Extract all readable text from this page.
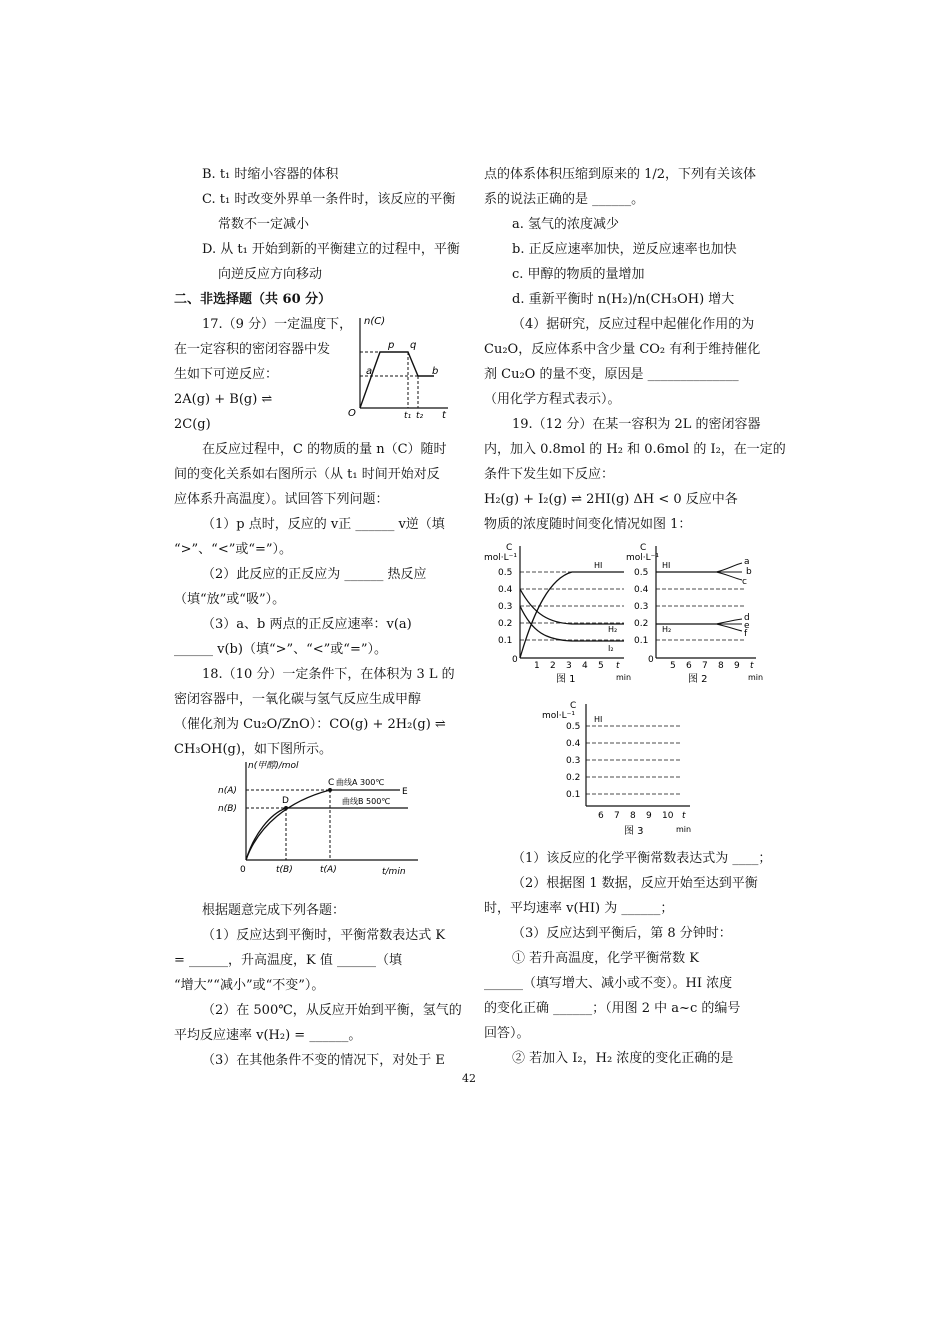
B. t₁ 时缩小容器的体积

C. t₁ 时改变外界单一条件时，该反应的平衡

常数不一定减小

D. 从 t₁ 开始到新的平衡建立的过程中，平衡

向逆反应方向移动

二、非选择题（共 60 分）

17.（9 分）一定温度下，

在一定容积的密闭容器中发

生如下可逆反应：

2A(g) + B(g) ⇌

2C(g)

在反应过程中，C 的物质的量 n（C）随时

间的变化关系如右图所示（从 t₁ 时间开始对反

应体系升高温度）。试回答下列问题：

（1）p 点时，反应的 v正 ______ v逆（填

“>”、“<”或“=”）。

（2）此反应的正反应为 ______ 热反应

（填“放”或“吸”）。

（3）a、b 两点的正反应速率：v(a)

______ v(b)（填“>”、“<”或“=”）。

18.（10 分）一定条件下，在体积为 3 L 的

密闭容器中，一氧化碳与氢气反应生成甲醇

（催化剂为 Cu₂O/ZnO）：CO(g) + 2H₂(g) ⇌

CH₃OH(g)，如下图所示。

根据题意完成下列各题：

（1）反应达到平衡时，平衡常数表达式 K

= ______，升高温度，K 值 ______（填

“增大”“减小”或“不变”）。

（2）在 500℃，从反应开始到平衡，氢气的

平均反应速率 v(H₂) = ______。

（3）在其他条件不变的情况下，对处于 E

n(C)
O
p q
a	b
t₁ t₂ t
n(甲醇)/mol
n(A)
n(B)
0	t(B)	t(A)	t/min
C 曲线A 300℃
E
D	曲线B 500℃

点的体系体积压缩到原来的 1/2，下列有关该体

系的说法正确的是 ______。

a. 氢气的浓度减少

b. 正反应速率加快，逆反应速率也加快

c. 甲醇的物质的量增加

d. 重新平衡时 n(H₂)/n(CH₃OH) 增大

（4）据研究，反应过程中起催化作用的为

Cu₂O，反应体系中含少量 CO₂ 有利于维持催化

剂 Cu₂O 的量不变，原因是 ______________

（用化学方程式表示）。

19.（12 分）在某一容积为 2L 的密闭容器

内，加入 0.8mol 的 H₂ 和 0.6mol 的 I₂，在一定的

条件下发生如下反应：

H₂(g) + I₂(g) ⇌ 2HI(g) ΔH < 0 反应中各

物质的浓度随时间变化情况如图 1：

C
mol·L⁻¹
0.5
0.4
0.3
0.2
0.1
0
1 2 3 4 5 t
min
HI
H₂
I₂
图 1
C
mol·L⁻¹
0.5
0.4
0.3
0.2
0.1
0
5 6 7 8 9 t
min
HI
H₂
a
b
c
d
e
f
图 2
C
mol·L⁻¹ HI
0.5
0.4
0.3
0.2
0.1
6 7 8 9 10 t
min
图 3

（1）该反应的化学平衡常数表达式为 ____；

（2）根据图 1 数据，反应开始至达到平衡

时，平均速率 v(HI) 为 ______；

（3）反应达到平衡后，第 8 分钟时：

① 若升高温度，化学平衡常数 K

______（填写增大、减小或不变）。HI 浓度

的变化正确 ______；（用图 2 中 a~c 的编号

回答）。

② 若加入 I₂，H₂ 浓度的变化正确的是

42
